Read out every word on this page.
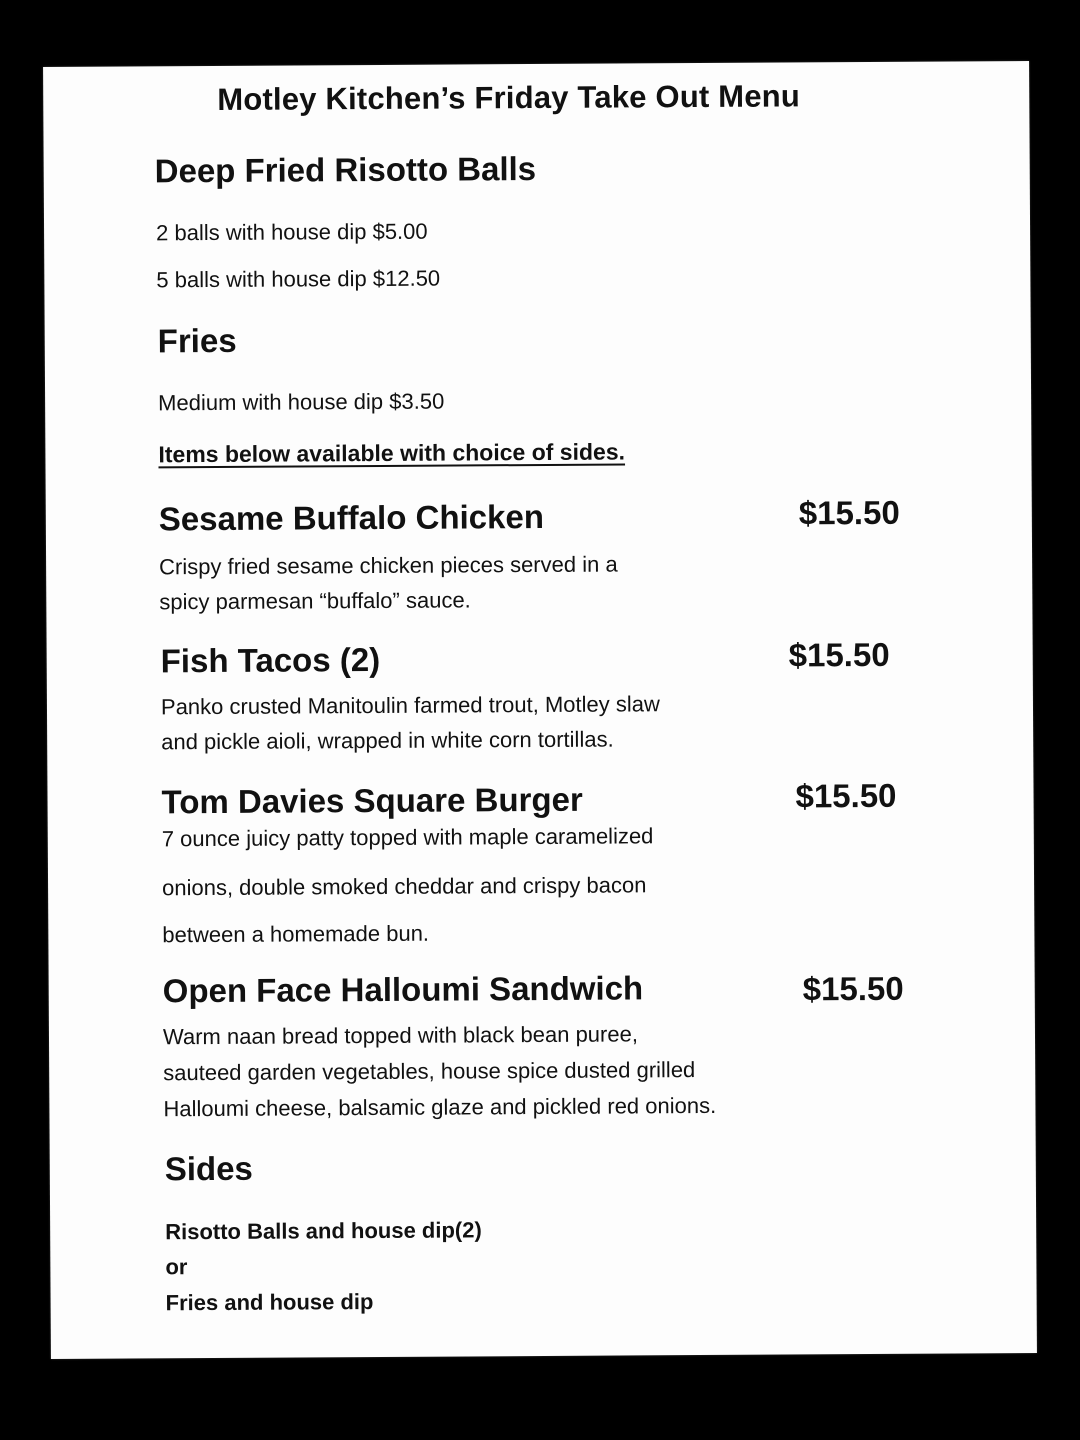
Motley Kitchen’s Friday Take Out Menu
Deep Fried Risotto Balls
2 balls with house dip $5.00
5 balls with house dip $12.50
Fries
Medium with house dip $3.50
Items below available with choice of sides.
Sesame Buffalo Chicken	$15.50
Crispy fried sesame chicken pieces served in a
spicy parmesan “buffalo” sauce.
Fish Tacos (2)	$15.50
Panko crusted Manitoulin farmed trout, Motley slaw
and pickle aioli, wrapped in white corn tortillas.
Tom Davies Square Burger	$15.50
7 ounce juicy patty topped with maple caramelized
onions, double smoked cheddar and crispy bacon
between a homemade bun.
Open Face Halloumi Sandwich	$15.50
Warm naan bread topped with black bean puree,
sauteed garden vegetables, house spice dusted grilled
Halloumi cheese, balsamic glaze and pickled red onions.
Sides
Risotto Balls and house dip(2)
or
Fries and house dip
